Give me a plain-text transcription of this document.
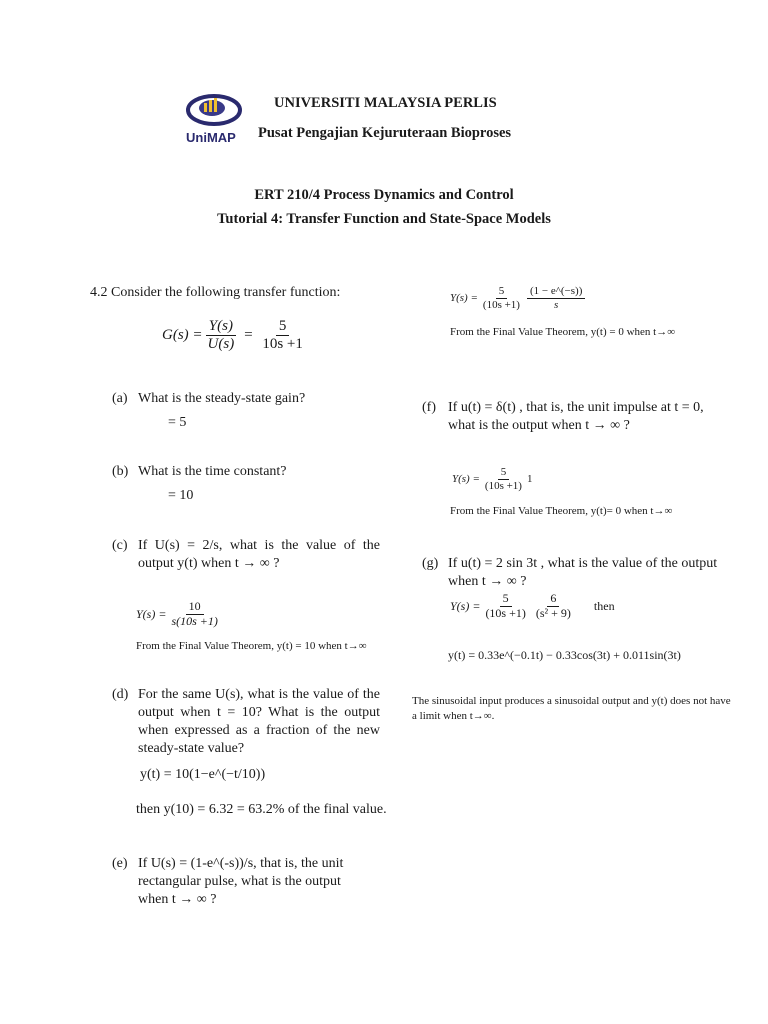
UniMAP
UNIVERSITI MALAYSIA PERLIS
Pusat Pengajian Kejuruteraan Bioproses
ERT 210/4 Process Dynamics and Control
Tutorial 4: Transfer Function and State-Space Models
4.2 Consider the following transfer function:
$G(s) = \frac{Y(s)}{U(s)} = \frac{5}{10s +1}$
(a) What is the steady-state gain?
= 5
(b) What is the time constant?
= 10
(c) If U(s) = 2/s, what is the value of the output y(t) when t → ∞ ?
$Y(s) = \frac{10}{s(10s +1)}$
From the Final Value Theorem, y(t) = 10 when t→∞
(d) For the same U(s), what is the value of the output when t = 10? What is the output when expressed as a fraction of the new steady-state value?
y(t) = 10(1−e^(−t/10))
then y(10) = 6.32 = 63.2% of the final value.
(e) If U(s) = (1-e^(-s))/s, that is, the unit rectangular pulse, what is the output when t → ∞ ?
$Y(s) = \frac{5}{(10s +1)} \frac{(1 - e\^{}(-s))}{s}$
From the Final Value Theorem, y(t) = 0 when t→∞
(f) If u(t) = δ(t) , that is, the unit impulse at t = 0, what is the output when t → ∞ ?
$Y(s) = \frac{5}{(10s +1)} 1$
From the Final Value Theorem, y(t)= 0 when t→∞
(g) If u(t) = 2 sin 3t , what is the value of the output when t → ∞ ?
$Y(s) = \frac{5}{(10s +1)} \frac{6}{\text{(s² + 9)}}$ then
y(t) = 0.33e^(−0.1t) − 0.33cos(3t) + 0.011sin(3t)
The sinusoidal input produces a sinusoidal output and y(t) does not have a limit when t→∞.
